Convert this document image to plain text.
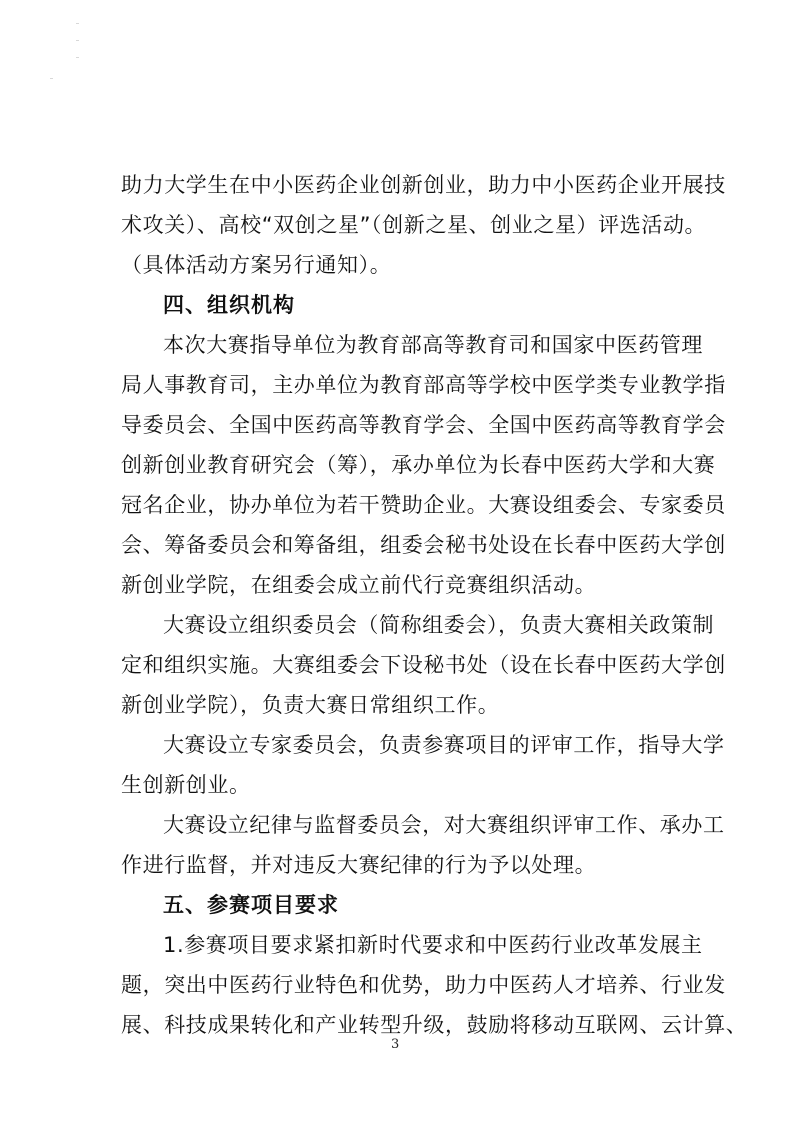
助力大学生在中小医药企业创新创业，助力中小医药企业开展技
术攻关）、高校“双创之星”（创新之星、创业之星）评选活动。
（具体活动方案另行通知）。
四、组织机构
本次大赛指导单位为教育部高等教育司和国家中医药管理
局人事教育司，主办单位为教育部高等学校中医学类专业教学指
导委员会、全国中医药高等教育学会、全国中医药高等教育学会
创新创业教育研究会（筹），承办单位为长春中医药大学和大赛
冠名企业，协办单位为若干赞助企业。大赛设组委会、专家委员
会、筹备委员会和筹备组，组委会秘书处设在长春中医药大学创
新创业学院，在组委会成立前代行竞赛组织活动。
大赛设立组织委员会（简称组委会），负责大赛相关政策制
定和组织实施。大赛组委会下设秘书处（设在长春中医药大学创
新创业学院），负责大赛日常组织工作。
大赛设立专家委员会，负责参赛项目的评审工作，指导大学
生创新创业。
大赛设立纪律与监督委员会，对大赛组织评审工作、承办工
作进行监督，并对违反大赛纪律的行为予以处理。
五、参赛项目要求
1.参赛项目要求紧扣新时代要求和中医药行业改革发展主
题，突出中医药行业特色和优势，助力中医药人才培养、行业发
展、科技成果转化和产业转型升级，鼓励将移动互联网、云计算、
3
